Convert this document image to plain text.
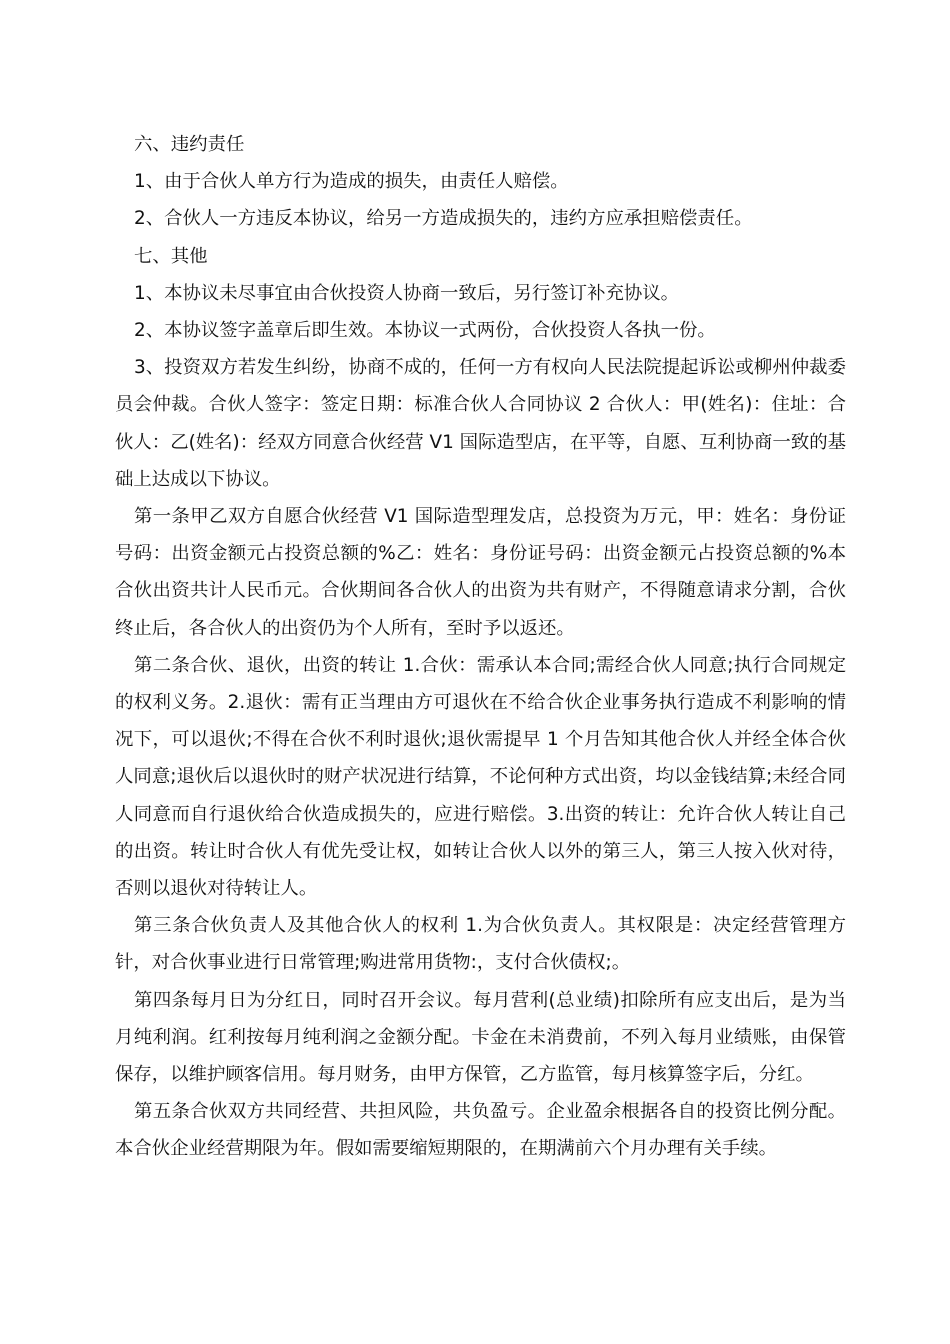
六、违约责任

1、由于合伙人单方行为造成的损失，由责任人赔偿。

2、合伙人一方违反本协议，给另一方造成损失的，违约方应承担赔偿责任。

七、其他

1、本协议未尽事宜由合伙投资人协商一致后，另行签订补充协议。

2、本协议签字盖章后即生效。本协议一式两份，合伙投资人各执一份。

3、投资双方若发生纠纷，协商不成的，任何一方有权向人民法院提起诉讼或柳州仲裁委员会仲裁。合伙人签字：签定日期：标准合伙人合同协议 2 合伙人：甲(姓名)：住址：合伙人：乙(姓名)：经双方同意合伙经营 V1 国际造型店，在平等，自愿、互利协商一致的基础上达成以下协议。

第一条甲乙双方自愿合伙经营 V1 国际造型理发店，总投资为万元，甲：姓名：身份证号码：出资金额元占投资总额的%乙：姓名：身份证号码：出资金额元占投资总额的%本合伙出资共计人民币元。合伙期间各合伙人的出资为共有财产，不得随意请求分割，合伙终止后，各合伙人的出资仍为个人所有，至时予以返还。

第二条合伙、退伙，出资的转让 1.合伙：需承认本合同;需经合伙人同意;执行合同规定的权利义务。2.退伙：需有正当理由方可退伙在不给合伙企业事务执行造成不利影响的情况下，可以退伙;不得在合伙不利时退伙;退伙需提早 1 个月告知其他合伙人并经全体合伙人同意;退伙后以退伙时的财产状况进行结算，不论何种方式出资，均以金钱结算;未经合同人同意而自行退伙给合伙造成损失的，应进行赔偿。3.出资的转让：允许合伙人转让自己的出资。转让时合伙人有优先受让权，如转让合伙人以外的第三人，第三人按入伙对待，否则以退伙对待转让人。

第三条合伙负责人及其他合伙人的权利 1.为合伙负责人。其权限是：决定经营管理方针，对合伙事业进行日常管理;购进常用货物:，支付合伙债权;。

第四条每月日为分红日，同时召开会议。每月营利(总业绩)扣除所有应支出后，是为当月纯利润。红利按每月纯利润之金额分配。卡金在未消费前，不列入每月业绩账，由保管保存，以维护顾客信用。每月财务，由甲方保管，乙方监管，每月核算签字后，分红。

第五条合伙双方共同经营、共担风险，共负盈亏。企业盈余根据各自的投资比例分配。本合伙企业经营期限为年。假如需要缩短期限的，在期满前六个月办理有关手续。
